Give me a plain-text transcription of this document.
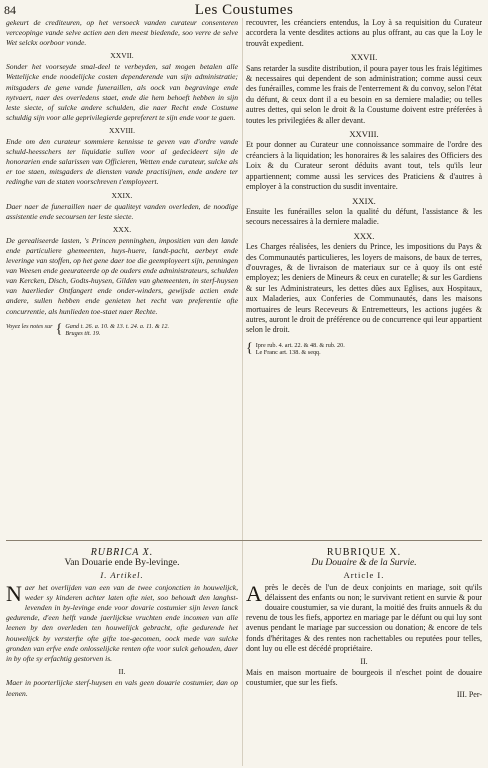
84	Les Coustumes

gekeurt de crediteuren, op het versoeck vanden curateur consenteren verceopinge vande selve actien aen den meest biedende, soo verre de selve Wet selckx oorboor vonde.

XXVII.

Sonder het voorseyde smal-deel te verbeyden, sal mogen betalen alle Wettelijcke ende noodelijcke costen dependerende van sijn administratie; mitsgaders de gene vande funeraillen, als oock van begravinge ende nytvaert, naer des overledens staet, ende die hem behoeft hebben in sijn leste siecte, of sulcke andere schulden, die naer Recht ende Costume schuldig sijn voor alle geprivilegierde gepreferert te sijn ende voor te gaen.

XXVIII.

Ende om den curateur sommiere kennisse te geven van d'ordre vande schuld-heesschers ter liquidatie sullen voor al gedecideert sijn de honorarien ende salarissen van Officieren, Wetten ende curateur, sulcke als er toe staen, mitsgaders de diensten vande practisijnen, ende andere ter redinghe van de staten voorschreven t'employeert.

XXIX.

Daer naer de funeraillen naer de qualiteyt vanden overleden, de noodige assistentie ende secoursen ter leste siecte.

XXX.

De gerealiseerde lasten, 's Princen penninghen, impositien van den lande ende particuliere ghemeenten, huys-huere, landt-pacht, aerbeyt ende leveringe van stoffen, op het gene daer toe die geemployeert sijn, penningen van Weesen ende geeurateerde op de ouders ende administrateurs, schulden van Kercken, Disch, Godts-huysen, Gilden van ghemeenten, in sterf-huysen van haerlieder Ontfangert ende onder-winders, gewijsde actien ende andere, sullen hebben ende genieten het recht van preferentie ofte concurrentie, als hunlieden toe-staet naer Rechte.

Voyez les notes sur { Gand t. 26. a. 10. & 13. t. 24. a. 11. & 12.
Bruges tit. 19.

recouvrer, les créanciers entendus, la Loy à sa requisition du Curateur accordera la vente desdites actions au plus offrant, au cas que la Loy le trouvât expedient.

XXVII.

Sans retarder la susdite distribution, il poura payer tous les frais légitimes & necessaires qui dependent de son administration; comme aussi ceux des funérailles, comme les frais de l'enterrement & du convoy, selon l'état du défunt, & ceux dont il a eu besoin en sa derniere maladie; ou telles autres dettes, qui selon le droit & la Coustume doivent estre préferées à toutes les privilegiées & aller devant.

XXVIII.

Et pour donner au Curateur une connoissance sommaire de l'ordre des créanciers à la liquidation; les honoraires & les salaires des Officiers des Loix & du Curateur seront déduits avant tout, tels qu'ils leur appartiennent; comme aussi les services des Praticiens & d'autres à employer à la construction du susdit inventaire.

XXIX.

Ensuite les funérailles selon la qualité du défunt, l'assistance & les secours necessaires à la derniere maladie.

XXX.

Les Charges réalisées, les deniers du Prince, les impositions du Pays & des Communautés particulieres, les loyers de maisons, de baux de terres, d'ouvrages, & de livraison de materiaux sur ce à quoy ils ont esté employez; les deniers de Mineurs & ceux en curatelle; & sur les Gardiens & sur les Administrateurs, les dettes dûes aux Eglises, aux Hospitaux, aux Maladeries, aux Conferies de Communautés, dans les maisons mortuaires de leurs Receveurs & Entremetteurs, les actions jugées & autres, auront le droit de préférence ou de concurrence qui leur appartient selon le droit.

{ Ipre rub. 4. art. 22. & 48. & rub. 20.
Le Franc art. 138. & seqq.
RUBRICA X.
Van Douarie ende By-levinge.
I. Artikel.

Naer het overlijden van een van de twee conjonctien in houwelijck, weder sy kinderen achter laten ofte niet, soo behoudt den langhst-levenden in by-levinge ende voor dovarie costumier sijn leven lanck gedurende, d'een helft vande jaerlijckse vruchten ende incomen van alle leenen by den overleden ten houwelijck gebracht, ofte gedurende het houwelijck by versterfte ofte gifte toe-gecomen, oock mede van sulcke gronden van erfve ende onlosselijcke renten ofte voor sulck gehouden, daer in by ofte sy erfachtig gestorven is.

II.

Maer in poorterlijcke sterf-huysen en vals geen douarie costumier, dan op leenen.

RUBRIQUE X.
Du Douaire & de la Survie.
Article I.

Après le decès de l'un de deux conjoints en mariage, soit qu'ils délaissent des enfants ou non; le survivant retient en survie & pour douaire coustumier, sa vie durant, la moitié des fruits annuels & du revenu de tous les fiefs, apportez en mariage par le défunt ou qui luy sont avenus pendant le mariage par succession ou donation; & encore de tels fonds d'héritages & des rentes non rachettables ou reputées pour telles, dont luy ou elle est décédé propriétaire.

II.

Mais en maison mortuaire de bourgeois il n'eschet point de douaire coustumier, que sur les fiefs.

III. Per-
